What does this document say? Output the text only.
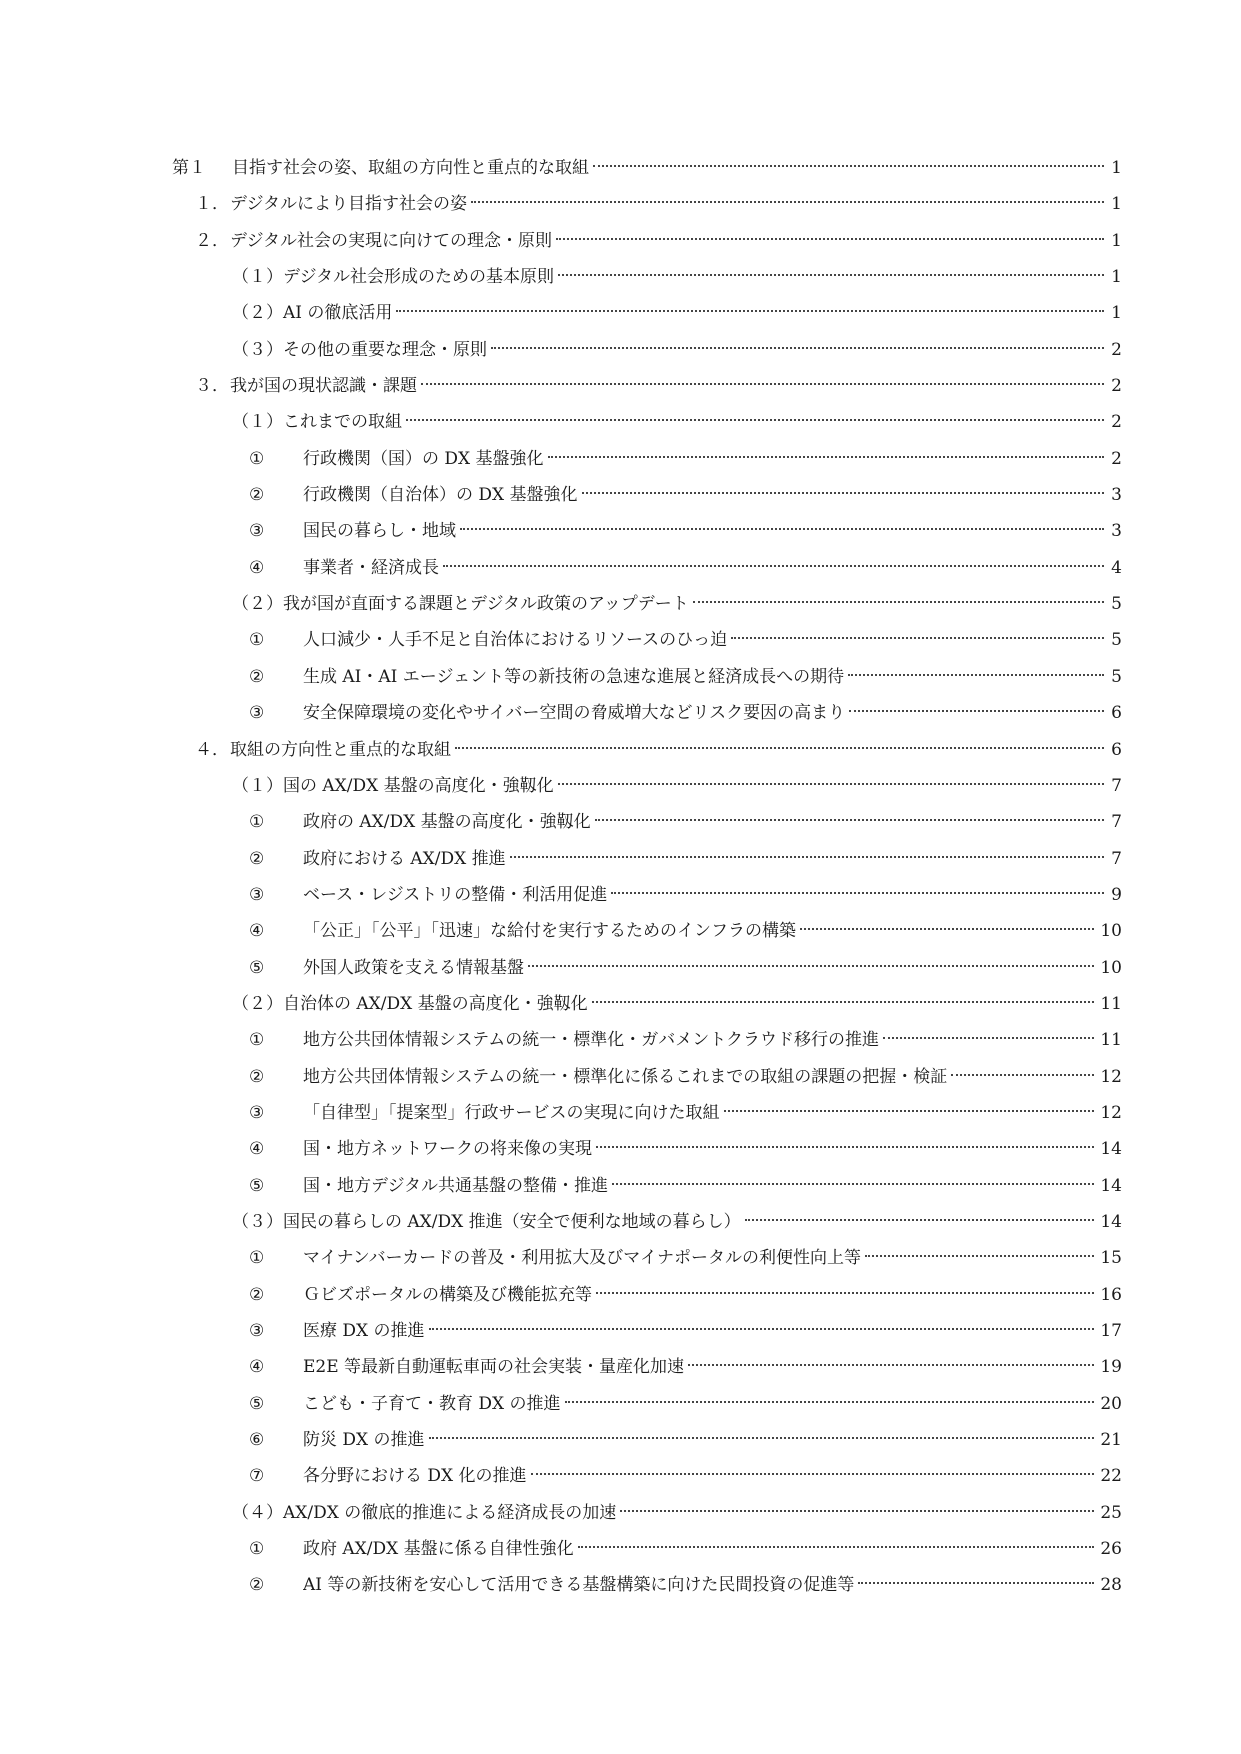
第１	目指す社会の姿、取組の方向性と重点的な取組	1
１． デジタルにより目指す社会の姿	1
２． デジタル社会の実現に向けての理念・原則	1
（１）デジタル社会形成のための基本原則	1
（２）AI の徹底活用	1
（３）その他の重要な理念・原則	2
３． 我が国の現状認識・課題	2
（１）これまでの取組	2
①	行政機関（国）の DX 基盤強化	2
②	行政機関（自治体）の DX 基盤強化	3
③	国民の暮らし・地域	3
④	事業者・経済成長	4
（２）我が国が直面する課題とデジタル政策のアップデート	5
①	人口減少・人手不足と自治体におけるリソースのひっ迫	5
②	生成 AI・AI エージェント等の新技術の急速な進展と経済成長への期待	5
③	安全保障環境の変化やサイバー空間の脅威増大などリスク要因の高まり	6
４． 取組の方向性と重点的な取組	6
（１）国の AX/DX 基盤の高度化・強靱化	7
①	政府の AX/DX 基盤の高度化・強靱化	7
②	政府における AX/DX 推進	7
③	ベース・レジストリの整備・利活用促進	9
④	「公正」「公平」「迅速」な給付を実行するためのインフラの構築	10
⑤	外国人政策を支える情報基盤	10
（２）自治体の AX/DX 基盤の高度化・強靱化	11
①	地方公共団体情報システムの統一・標準化・ガバメントクラウド移行の推進	11
②	地方公共団体情報システムの統一・標準化に係るこれまでの取組の課題の把握・検証	12
③	「自律型」「提案型」行政サービスの実現に向けた取組	12
④	国・地方ネットワークの将来像の実現	14
⑤	国・地方デジタル共通基盤の整備・推進	14
（３）国民の暮らしの AX/DX 推進（安全で便利な地域の暮らし）	14
①	マイナンバーカードの普及・利用拡大及びマイナポータルの利便性向上等	15
②	Ｇビズポータルの構築及び機能拡充等	16
③	医療 DX の推進	17
④	E2E 等最新自動運転車両の社会実装・量産化加速	19
⑤	こども・子育て・教育 DX の推進	20
⑥	防災 DX の推進	21
⑦	各分野における DX 化の推進	22
（４）AX/DX の徹底的推進による経済成長の加速	25
①	政府 AX/DX 基盤に係る自律性強化	26
②	AI 等の新技術を安心して活用できる基盤構築に向けた民間投資の促進等	28
